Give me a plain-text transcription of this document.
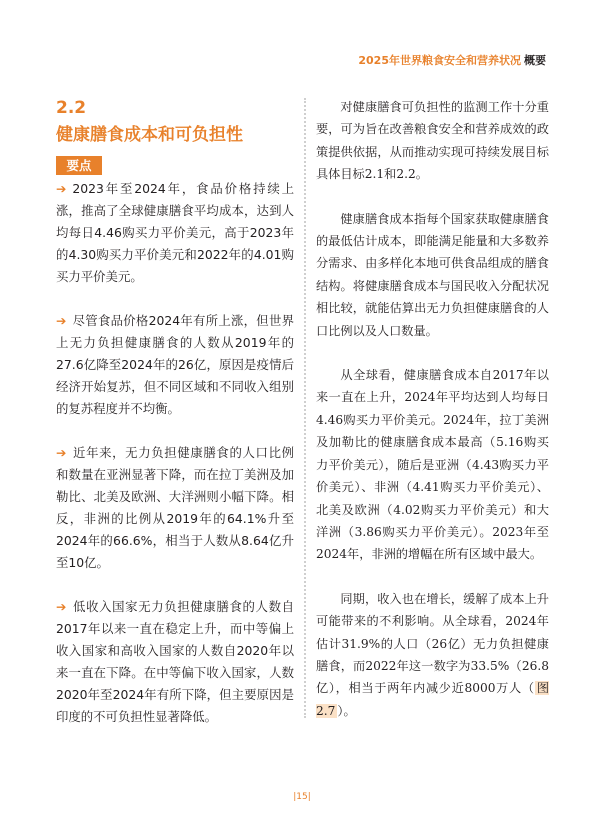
2025年世界粮食安全和营养状况 概要
2.2
健康膳食成本和可负担性
要点

➔ 2023年至2024年，食品价格持续上涨，推高了全球健康膳食平均成本，达到人均每日4.46购买力平价美元，高于2023年的4.30购买力平价美元和2022年的4.01购买力平价美元。

➔ 尽管食品价格2024年有所上涨，但世界上无力负担健康膳食的人数从2019年的27.6亿降至2024年的26亿，原因是疫情后经济开始复苏，但不同区域和不同收入组别的复苏程度并不均衡。

➔ 近年来，无力负担健康膳食的人口比例和数量在亚洲显著下降，而在拉丁美洲及加勒比、北美及欧洲、大洋洲则小幅下降。相反，非洲的比例从2019年的64.1%升至2024年的66.6%，相当于人数从8.64亿升至10亿。

➔ 低收入国家无力负担健康膳食的人数自2017年以来一直在稳定上升，而中等偏上收入国家和高收入国家的人数自2020年以来一直在下降。在中等偏下收入国家，人数2020年至2024年有所下降，但主要原因是印度的不可负担性显著降低。

对健康膳食可负担性的监测工作十分重要，可为旨在改善粮食安全和营养成效的政策提供依据，从而推动实现可持续发展目标具体目标2.1和2.2。

健康膳食成本指每个国家获取健康膳食的最低估计成本，即能满足能量和大多数养分需求、由多样化本地可供食品组成的膳食结构。将健康膳食成本与国民收入分配状况相比较，就能估算出无力负担健康膳食的人口比例以及人口数量。

从全球看，健康膳食成本自2017年以来一直在上升，2024年平均达到人均每日4.46购买力平价美元。2024年，拉丁美洲及加勒比的健康膳食成本最高（5.16购买力平价美元），随后是亚洲（4.43购买力平价美元）、非洲（4.41购买力平价美元）、北美及欧洲（4.02购买力平价美元）和大洋洲（3.86购买力平价美元）。2023年至2024年，非洲的增幅在所有区域中最大。

同期，收入也在增长，缓解了成本上升可能带来的不利影响。从全球看，2024年估计31.9%的人口（26亿）无力负担健康膳食，而2022年这一数字为33.5%（26.8亿），相当于两年内减少近8000万人（ 图2.7 ）。

|15|
